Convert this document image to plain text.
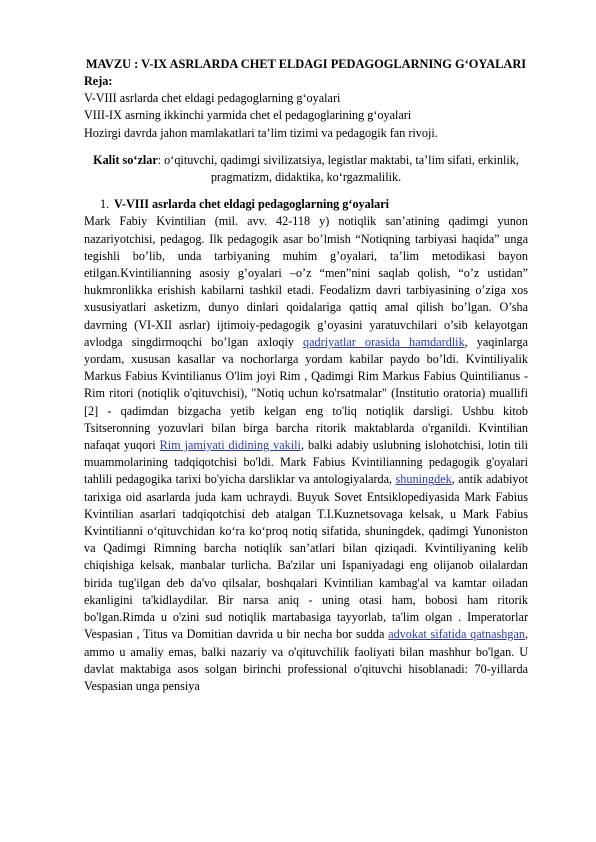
MAVZU : V-IX ASRLARDA CHET ELDAGI PEDAGOGLARNING G‘OYALARI

Reja:

V-VIII asrlarda chet eldagi pedagoglarning g‘oyalari

VIII-IX asrning ikkinchi yarmida chet el pedagoglarining g‘oyalari

Hozirgi davrda jahon mamlakatlari ta’lim tizimi va pedagogik fan rivoji.

Kalit so‘zlar: o‘qituvchi, qadimgi sivilizatsiya, legistlar maktabi, ta’lim sifati, erkinlik, pragmatizm, didaktika, ko‘rgazmalilik.

1. V-VIII asrlarda chet eldagi pedagoglarning g‘oyalari

Mark Fabiy Kvintilian (mil. avv. 42-118 y) notiqlik san’atining qadimgi yunon nazariyotchisi, pedagog. Ilk pedagogik asar bo’lmish “Notiqning tarbiyasi haqida” unga tegishli bo’lib, unda tarbiyaning muhim g’oyalari, ta’lim metodikasi bayon etilgan.Kvintilianning asosiy g’oyalari –o’z “men”nini saqlab qolish, “o’z ustidan” hukmronlikka erishish kabilarni tashkil etadi. Feodalizm davri tarbiyasining o’ziga xos xususiyatlari asketizm, dunyo dinlari qoidalariga qattiq amal qilish bo’lgan. O’sha davrning (VI-XII asrlar) ijtimoiy-pedagogik g’oyasini yaratuvchilari o’sib kelayotgan avlodga singdirmoqchi bo’lgan axloqiy qadriyatlar orasida hamdardlik, yaqinlarga yordam, xususan kasallar va nochorlarga yordam kabilar paydo bo’ldi. Kvintiliyalik Markus Fabius Kvintilianus O'lim joyi Rim , Qadimgi Rim Markus Fabius Quintilianus - Rim ritori (notiqlik o'qituvchisi), "Notiq uchun ko'rsatmalar" (Institutio oratoria) muallifi [2] - qadimdan bizgacha yetib kelgan eng to'liq notiqlik darsligi. Ushbu kitob Tsitseronning yozuvlari bilan birga barcha ritorik maktablarda o'rganildi. Kvintilian nafaqat yuqori Rim jamiyati didining vakili, balki adabiy uslubning islohotchisi, lotin tili muammolarining tadqiqotchisi bo'ldi. Mark Fabius Kvintilianning pedagogik g'oyalari tahlili pedagogika tarixi bo'yicha darsliklar va antologiyalarda, shuningdek, antik adabiyot tarixiga oid asarlarda juda kam uchraydi. Buyuk Sovet Entsiklopediyasida Mark Fabius Kvintilian asarlari tadqiqotchisi deb atalgan T.I.Kuznetsovaga kelsak, u Mark Fabius Kvintilianni o‘qituvchidan ko‘ra ko‘proq notiq sifatida, shuningdek, qadimgi Yunoniston va Qadimgi Rimning barcha notiqlik san’atlari bilan qiziqadi. Kvintiliyaning kelib chiqishiga kelsak, manbalar turlicha. Ba'zilar uni Ispaniyadagi eng olijanob oilalardan birida tug'ilgan deb da'vo qilsalar, boshqalari Kvintilian kambag'al va kamtar oiladan ekanligini ta'kidlaydilar. Bir narsa aniq - uning otasi ham, bobosi ham ritorik bo'lgan.Rimda u o'zini sud notiqlik martabasiga tayyorlab, ta'lim olgan . Imperatorlar Vespasian , Titus va Domitian davrida u bir necha bor sudda advokat sifatida qatnashgan, ammo u amaliy emas, balki nazariy va o'qituvchilik faoliyati bilan mashhur bo'lgan. U davlat maktabiga asos solgan birinchi professional o'qituvchi hisoblanadi: 70-yillarda Vespasian unga pensiya
